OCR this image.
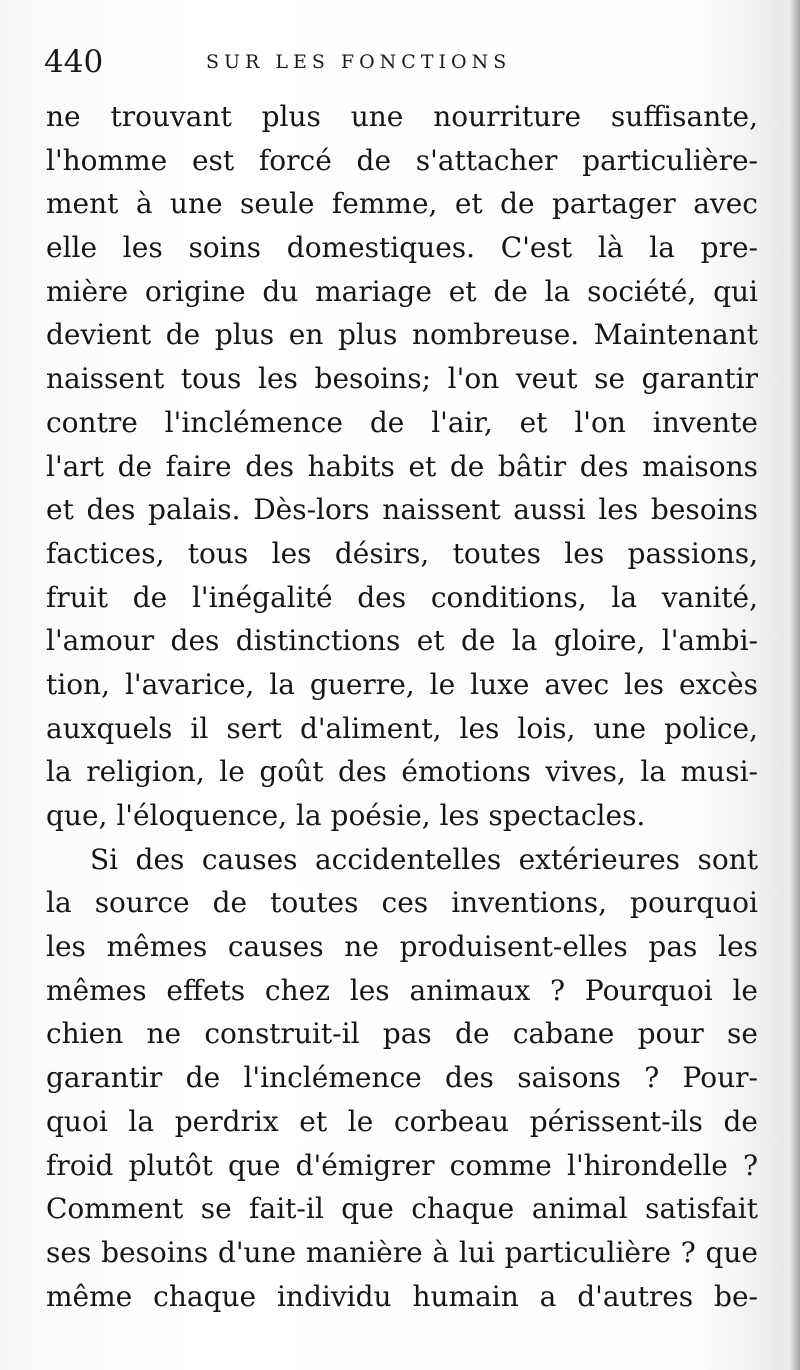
440	SUR LES FONCTIONS
ne trouvant plus une nourriture suffisante,
l'homme est forcé de s'attacher particulière-
ment à une seule femme, et de partager avec
elle les soins domestiques. C'est là la pre-
mière origine du mariage et de la société, qui
devient de plus en plus nombreuse. Maintenant
naissent tous les besoins; l'on veut se garantir
contre l'inclémence de l'air, et l'on invente
l'art de faire des habits et de bâtir des maisons
et des palais. Dès-lors naissent aussi les besoins
factices, tous les désirs, toutes les passions,
fruit de l'inégalité des conditions, la vanité,
l'amour des distinctions et de la gloire, l'ambi-
tion, l'avarice, la guerre, le luxe avec les excès
auxquels il sert d'aliment, les lois, une police,
la religion, le goût des émotions vives, la musi-
que, l'éloquence, la poésie, les spectacles.
Si des causes accidentelles extérieures sont
la source de toutes ces inventions, pourquoi
les mêmes causes ne produisent-elles pas les
mêmes effets chez les animaux ? Pourquoi le
chien ne construit-il pas de cabane pour se
garantir de l'inclémence des saisons ? Pour-
quoi la perdrix et le corbeau périssent-ils de
froid plutôt que d'émigrer comme l'hirondelle ?
Comment se fait-il que chaque animal satisfait
ses besoins d'une manière à lui particulière ? que
même chaque individu humain a d'autres be-
